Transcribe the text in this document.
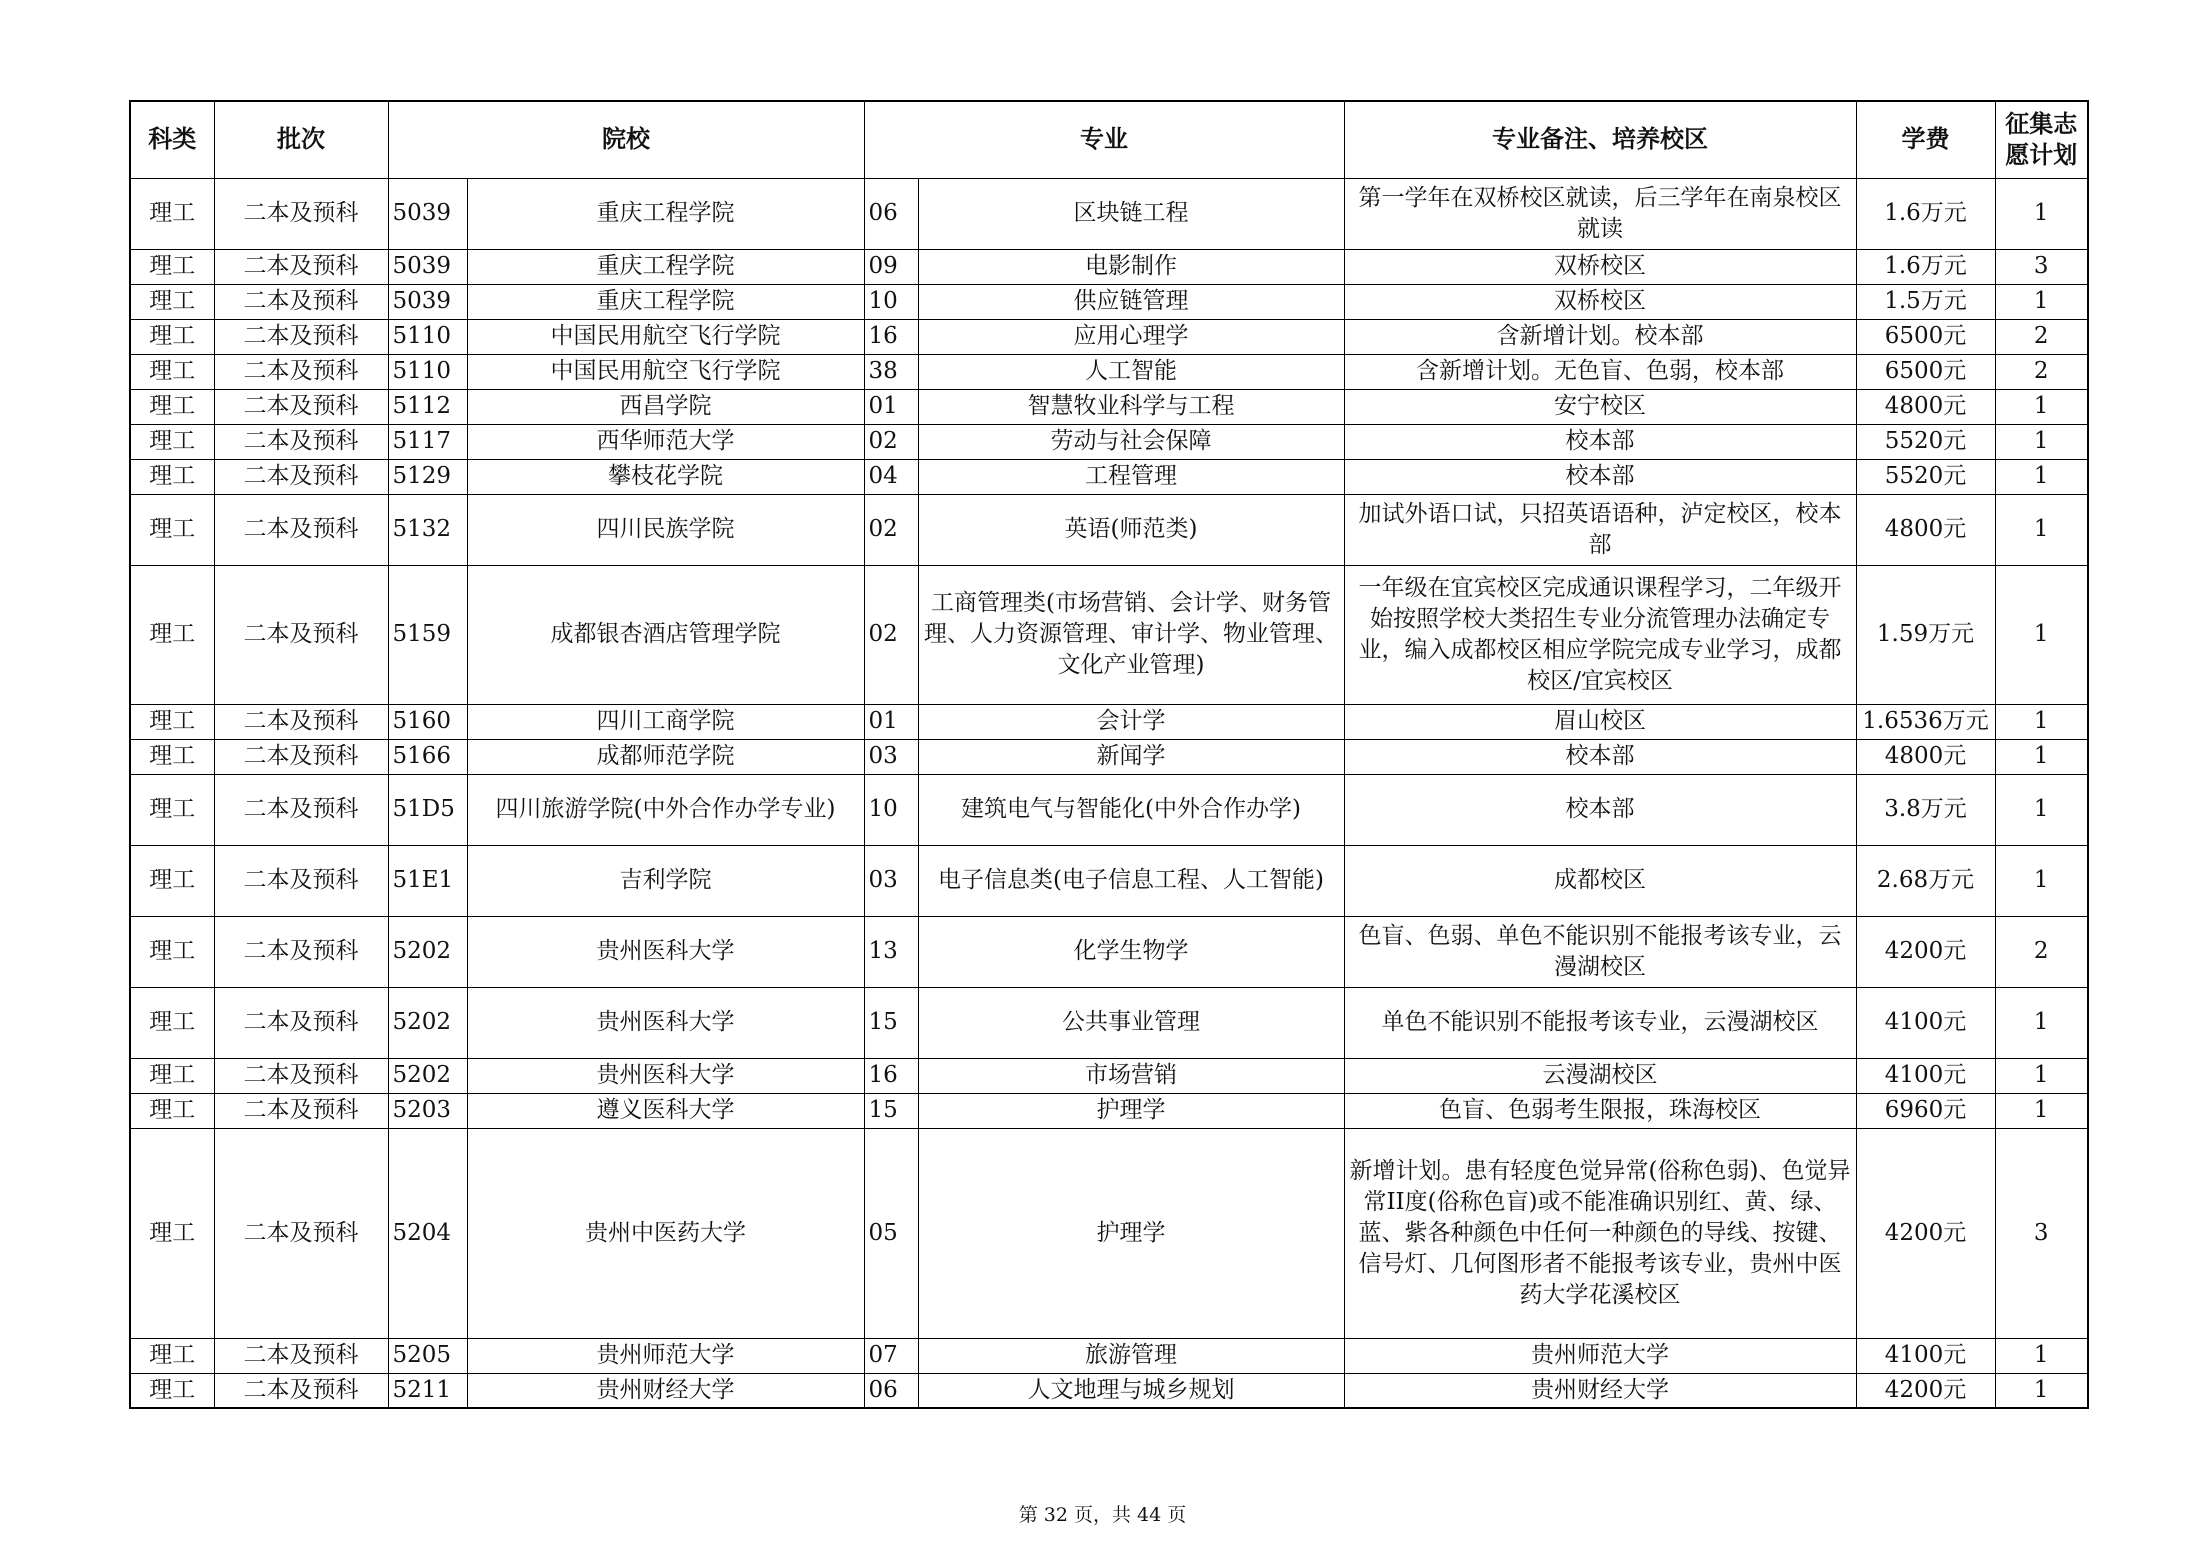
科类	批次	院校		专业		专业备注、培养校区	学费	征集志愿计划
理工	二本及预科	5039	重庆工程学院	06	区块链工程	第一学年在双桥校区就读，后三学年在南泉校区就读	1.6万元	1
理工	二本及预科	5039	重庆工程学院	09	电影制作	双桥校区	1.6万元	3
理工	二本及预科	5039	重庆工程学院	10	供应链管理	双桥校区	1.5万元	1
理工	二本及预科	5110	中国民用航空飞行学院	16	应用心理学	含新增计划。校本部	6500元	2
理工	二本及预科	5110	中国民用航空飞行学院	38	人工智能	含新增计划。无色盲、色弱，校本部	6500元	2
理工	二本及预科	5112	西昌学院	01	智慧牧业科学与工程	安宁校区	4800元	1
理工	二本及预科	5117	西华师范大学	02	劳动与社会保障	校本部	5520元	1
理工	二本及预科	5129	攀枝花学院	04	工程管理	校本部	5520元	1
理工	二本及预科	5132	四川民族学院	02	英语(师范类)	加试外语口试，只招英语语种，泸定校区，校本部	4800元	1
理工	二本及预科	5159	成都银杏酒店管理学院	02	工商管理类(市场营销、会计学、财务管理、人力资源管理、审计学、物业管理、文化产业管理)	一年级在宜宾校区完成通识课程学习，二年级开始按照学校大类招生专业分流管理办法确定专业，编入成都校区相应学院完成专业学习，成都校区/宜宾校区	1.59万元	1
理工	二本及预科	5160	四川工商学院	01	会计学	眉山校区	1.6536万元	1
理工	二本及预科	5166	成都师范学院	03	新闻学	校本部	4800元	1
理工	二本及预科	51D5	四川旅游学院(中外合作办学专业)	10	建筑电气与智能化(中外合作办学)	校本部	3.8万元	1
理工	二本及预科	51E1	吉利学院	03	电子信息类(电子信息工程、人工智能)	成都校区	2.68万元	1
理工	二本及预科	5202	贵州医科大学	13	化学生物学	色盲、色弱、单色不能识别不能报考该专业，云漫湖校区	4200元	2
理工	二本及预科	5202	贵州医科大学	15	公共事业管理	单色不能识别不能报考该专业，云漫湖校区	4100元	1
理工	二本及预科	5202	贵州医科大学	16	市场营销	云漫湖校区	4100元	1
理工	二本及预科	5203	遵义医科大学	15	护理学	色盲、色弱考生限报，珠海校区	6960元	1
理工	二本及预科	5204	贵州中医药大学	05	护理学	新增计划。患有轻度色觉异常(俗称色弱)、色觉异常II度(俗称色盲)或不能准确识别红、黄、绿、蓝、紫各种颜色中任何一种颜色的导线、按键、信号灯、几何图形者不能报考该专业，贵州中医药大学花溪校区	4200元	3
理工	二本及预科	5205	贵州师范大学	07	旅游管理	贵州师范大学	4100元	1
理工	二本及预科	5211	贵州财经大学	06	人文地理与城乡规划	贵州财经大学	4200元	1
第 32 页，共 44 页
